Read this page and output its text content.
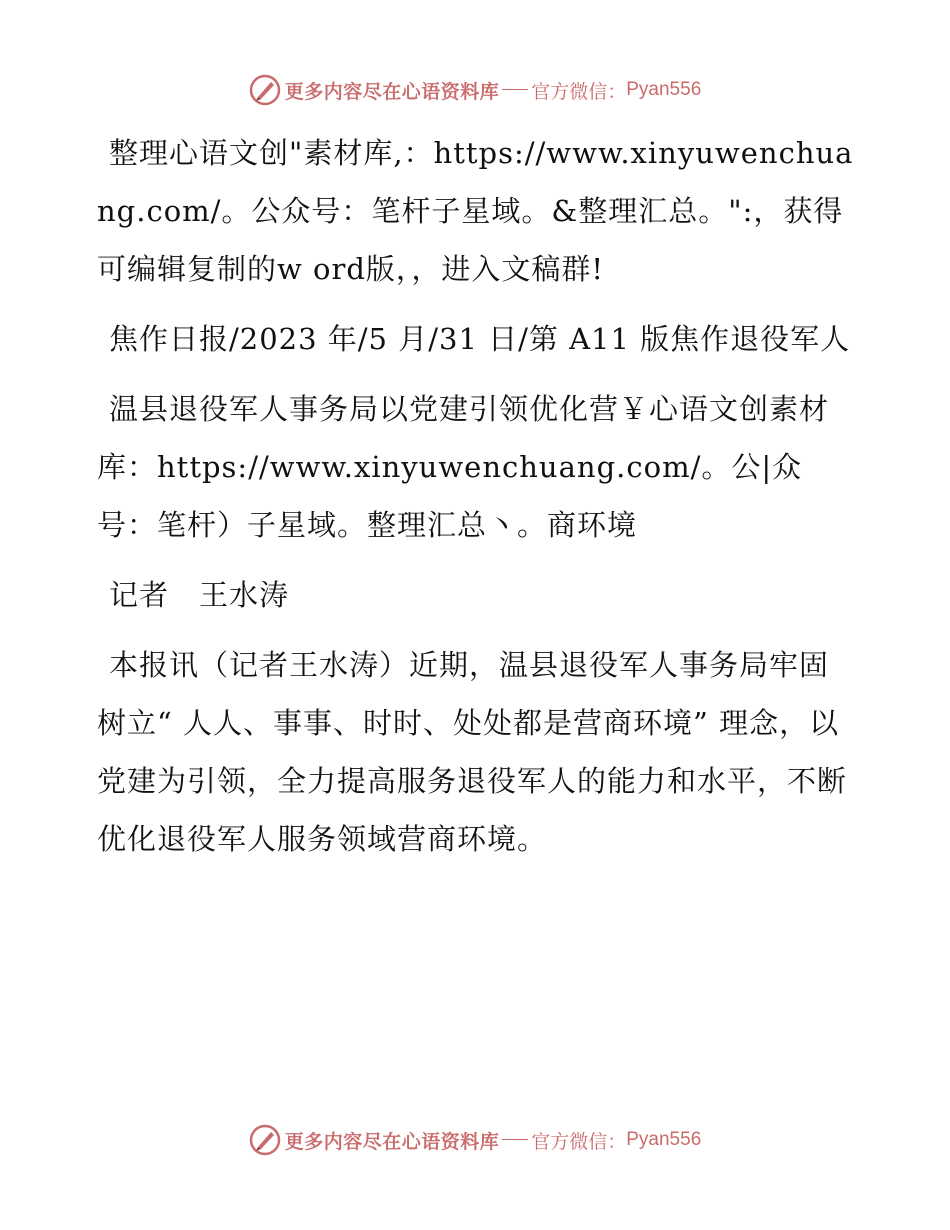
更多内容尽在心语资料库 官方微信： Pyan556

整理心语文创"素材库,：https://www.xinyuwenchuang.com/。公众号：笔杆子星域。&整理汇总。":，获得可编辑复制的w ord版，，进入文稿群!

焦作日报/2023 年/5 月/31 日/第 A11 版焦作退役军人

温县退役军人事务局以党建引领优化营￥心语文创素材库：https://www.xinyuwenchuang.com/。公|众号：笔杆）子星域。整理汇总丶。商环境

记者　王水涛

本报讯（记者王水涛）近期，温县退役军人事务局牢固树立“ 人人、事事、时时、处处都是营商环境” 理念，以党建为引领，全力提高服务退役军人的能力和水平，不断优化退役军人服务领域营商环境。

更多内容尽在心语资料库 官方微信： Pyan556
